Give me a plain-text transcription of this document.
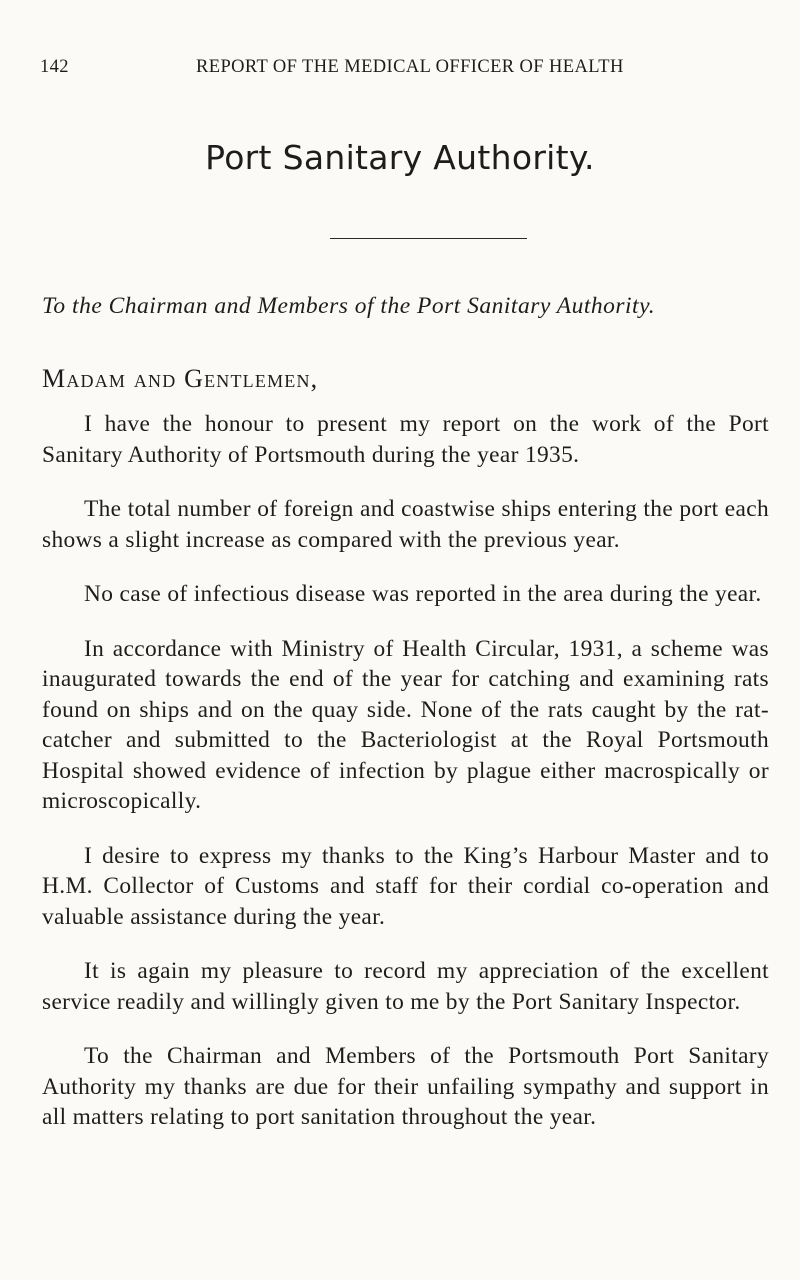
142	REPORT OF THE MEDICAL OFFICER OF HEALTH
Port Sanitary Authority.
To the Chairman and Members of the Port Sanitary Authority.
Madam and Gentlemen,

I have the honour to present my report on the work of the Port Sanitary Authority of Portsmouth during the year 1935.

The total number of foreign and coastwise ships entering the port each shows a slight increase as compared with the previous year.

No case of infectious disease was reported in the area during the year.

In accordance with Ministry of Health Circular, 1931, a scheme was inaugurated towards the end of the year for catching and examining rats found on ships and on the quay side. None of the rats caught by the rat-catcher and submitted to the Bacteriologist at the Royal Portsmouth Hospital showed evidence of infection by plague either macrospically or microscopically.

I desire to express my thanks to the King’s Harbour Master and to H.M. Collector of Customs and staff for their cordial co-operation and valuable assistance during the year.

It is again my pleasure to record my appreciation of the excellent service readily and willingly given to me by the Port Sanitary Inspector.

To the Chairman and Members of the Portsmouth Port Sanitary Authority my thanks are due for their unfailing sympathy and support in all matters relating to port sanitation throughout the year.
